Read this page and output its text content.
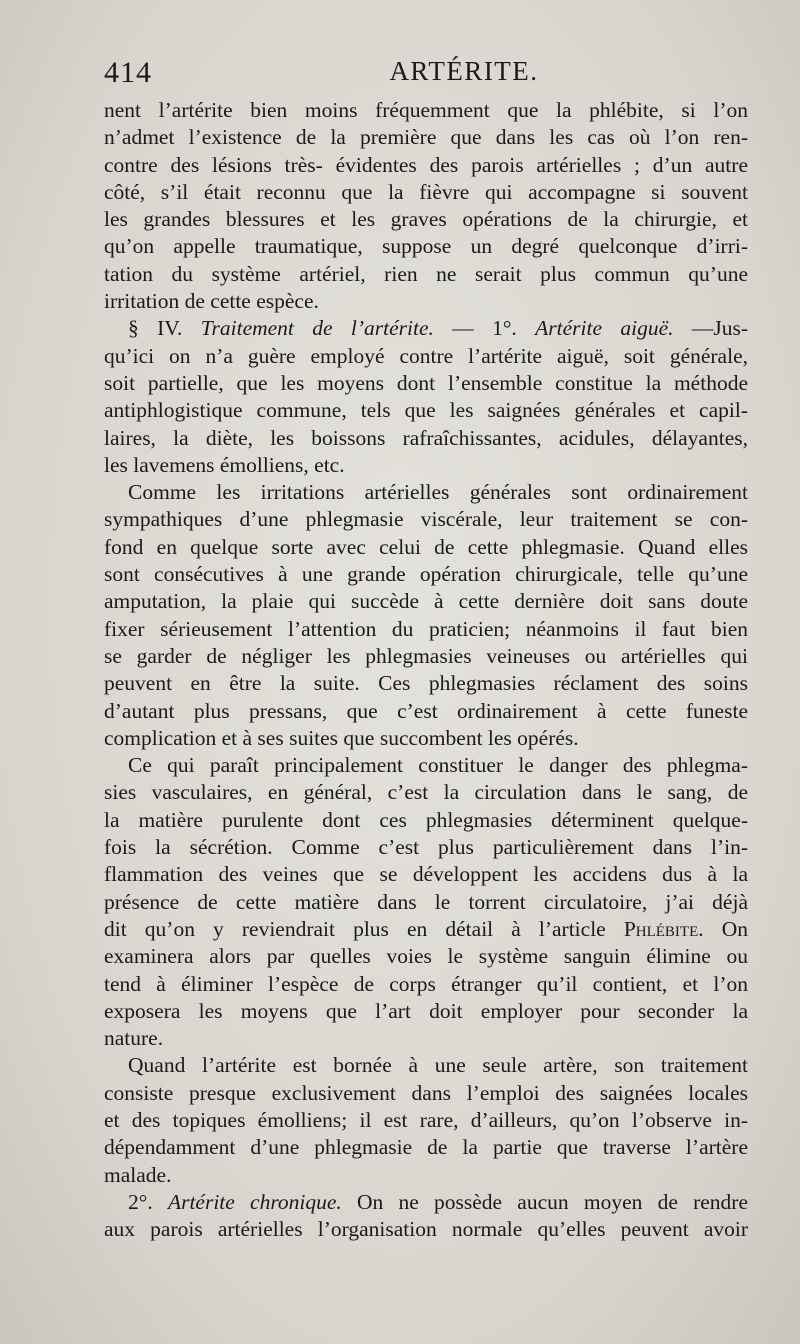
414	ARTÉRITE.
nent l’artérite bien moins fréquemment que la phlébite, si l’on
n’admet l’existence de la première que dans les cas où l’on ren-
contre des lésions très- évidentes des parois artérielles ; d’un autre
côté, s’il était reconnu que la fièvre qui accompagne si souvent
les grandes blessures et les graves opérations de la chirurgie, et
qu’on appelle traumatique, suppose un degré quelconque d’irri-
tation du système artériel, rien ne serait plus commun qu’une
irritation de cette espèce.
§ IV. Traitement de l’artérite. — 1°. Artérite aiguë. —Jus-
qu’ici on n’a guère employé contre l’artérite aiguë, soit générale,
soit partielle, que les moyens dont l’ensemble constitue la méthode
antiphlogistique commune, tels que les saignées générales et capil-
laires, la diète, les boissons rafraîchissantes, acidules, délayantes,
les lavemens émolliens, etc.
Comme les irritations artérielles générales sont ordinairement
sympathiques d’une phlegmasie viscérale, leur traitement se con-
fond en quelque sorte avec celui de cette phlegmasie. Quand elles
sont consécutives à une grande opération chirurgicale, telle qu’une
amputation, la plaie qui succède à cette dernière doit sans doute
fixer sérieusement l’attention du praticien; néanmoins il faut bien
se garder de négliger les phlegmasies veineuses ou artérielles qui
peuvent en être la suite. Ces phlegmasies réclament des soins
d’autant plus pressans, que c’est ordinairement à cette funeste
complication et à ses suites que succombent les opérés.
Ce qui paraît principalement constituer le danger des phlegma-
sies vasculaires, en général, c’est la circulation dans le sang, de
la matière purulente dont ces phlegmasies déterminent quelque-
fois la sécrétion. Comme c’est plus particulièrement dans l’in-
flammation des veines que se développent les accidens dus à la
présence de cette matière dans le torrent circulatoire, j’ai déjà
dit qu’on y reviendrait plus en détail à l’article Phlébite. On
examinera alors par quelles voies le système sanguin élimine ou
tend à éliminer l’espèce de corps étranger qu’il contient, et l’on
exposera les moyens que l’art doit employer pour seconder la
nature.
Quand l’artérite est bornée à une seule artère, son traitement
consiste presque exclusivement dans l’emploi des saignées locales
et des topiques émolliens; il est rare, d’ailleurs, qu’on l’observe in-
dépendamment d’une phlegmasie de la partie que traverse l’artère
malade.
2°. Artérite chronique. On ne possède aucun moyen de rendre
aux parois artérielles l’organisation normale qu’elles peuvent avoir
